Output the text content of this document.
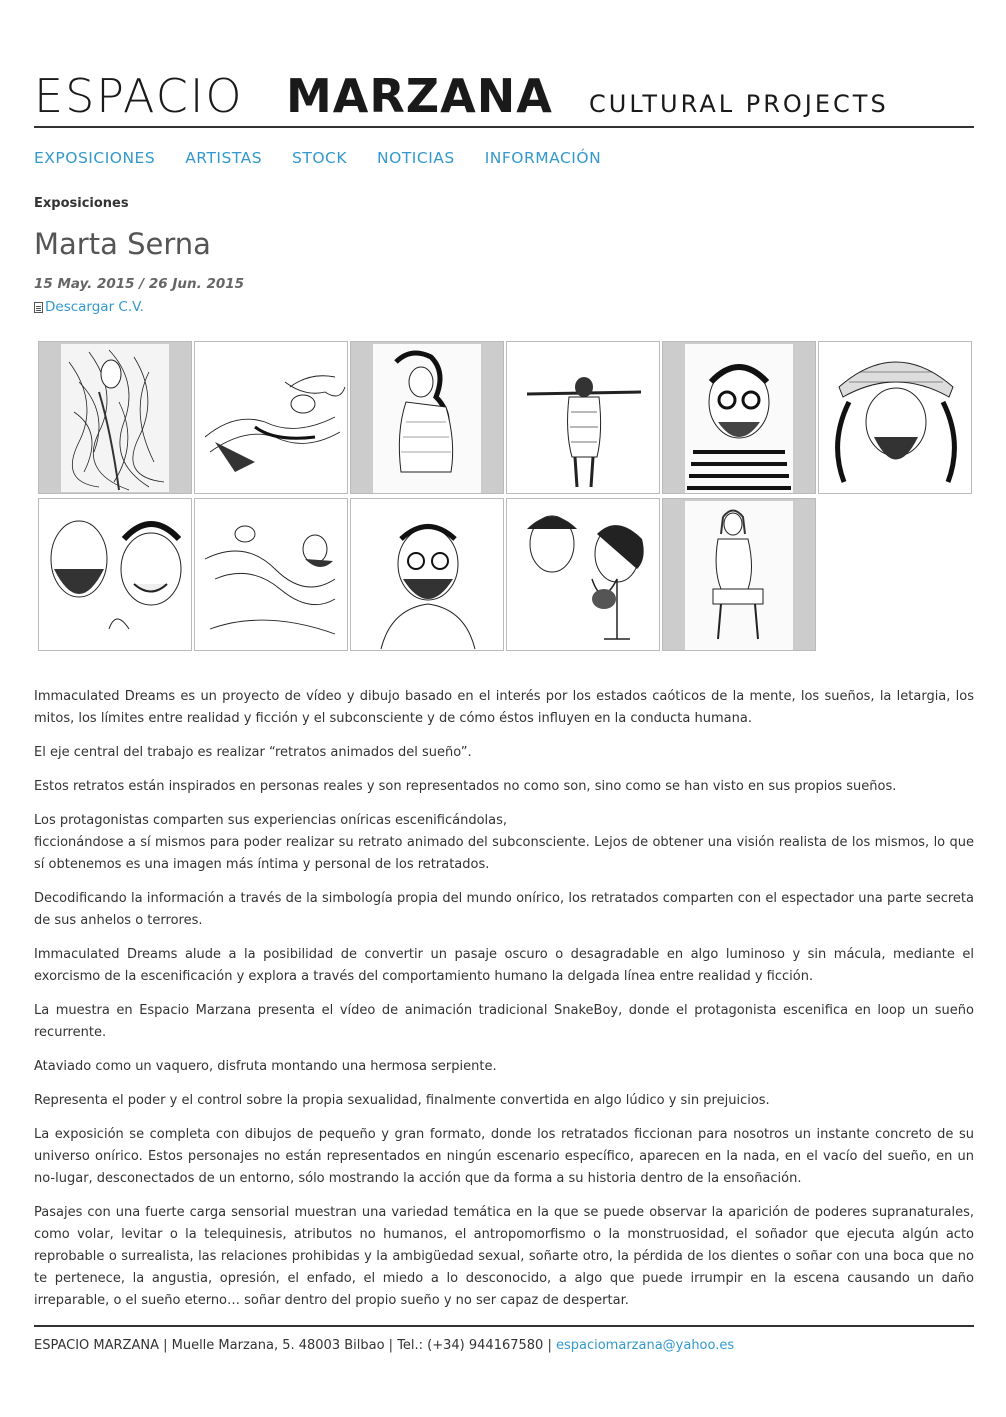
ESPACIO MARZANA CULTURAL PROJECTS
EXPOSICIONES ARTISTAS STOCK NOTICIAS INFORMACIÓN
Exposiciones
Marta Serna
15 May. 2015 / 26 Jun. 2015
Descargar C.V.

Immaculated Dreams es un proyecto de vídeo y dibujo basado en el interés por los estados caóticos de la mente, los sueños, la letargia, los mitos, los límites entre realidad y ficción y el subconsciente y de cómo éstos influyen en la conducta humana.

El eje central del trabajo es realizar “retratos animados del sueño”.

Estos retratos están inspirados en personas reales y son representados no como son, sino como se han visto en sus propios sueños.

Los protagonistas comparten sus experiencias oníricas escenificándolas,
ficcionándose a sí mismos para poder realizar su retrato animado del subconsciente. Lejos de obtener una visión realista de los mismos, lo que sí obtenemos es una imagen más íntima y personal de los retratados.

Decodificando la información a través de la simbología propia del mundo onírico, los retratados comparten con el espectador una parte secreta de sus anhelos o terrores.

Immaculated Dreams alude a la posibilidad de convertir un pasaje oscuro o desagradable en algo luminoso y sin mácula, mediante el exorcismo de la escenificación y explora a través del comportamiento humano la delgada línea entre realidad y ficción.

La muestra en Espacio Marzana presenta el vídeo de animación tradicional SnakeBoy, donde el protagonista escenifica en loop un sueño recurrente.

Ataviado como un vaquero, disfruta montando una hermosa serpiente.

Representa el poder y el control sobre la propia sexualidad, finalmente convertida en algo lúdico y sin prejuicios.

La exposición se completa con dibujos de pequeño y gran formato, donde los retratados ficcionan para nosotros un instante concreto de su universo onírico. Estos personajes no están representados en ningún escenario específico, aparecen en la nada, en el vacío del sueño, en un no-lugar, desconectados de un entorno, sólo mostrando la acción que da forma a su historia dentro de la ensoñación.

Pasajes con una fuerte carga sensorial muestran una variedad temática en la que se puede observar la aparición de poderes supranaturales, como volar, levitar o la telequinesis, atributos no humanos, el antropomorfismo o la monstruosidad, el soñador que ejecuta algún acto reprobable o surrealista, las relaciones prohibidas y la ambigüedad sexual, soñarte otro, la pérdida de los dientes o soñar con una boca que no te pertenece, la angustia, opresión, el enfado, el miedo a lo desconocido, a algo que puede irrumpir en la escena causando un daño irreparable, o el sueño eterno… soñar dentro del propio sueño y no ser capaz de despertar.

ESPACIO MARZANA | Muelle Marzana, 5. 48003 Bilbao | Tel.: (+34) 944167580 | espaciomarzana@yahoo.es
